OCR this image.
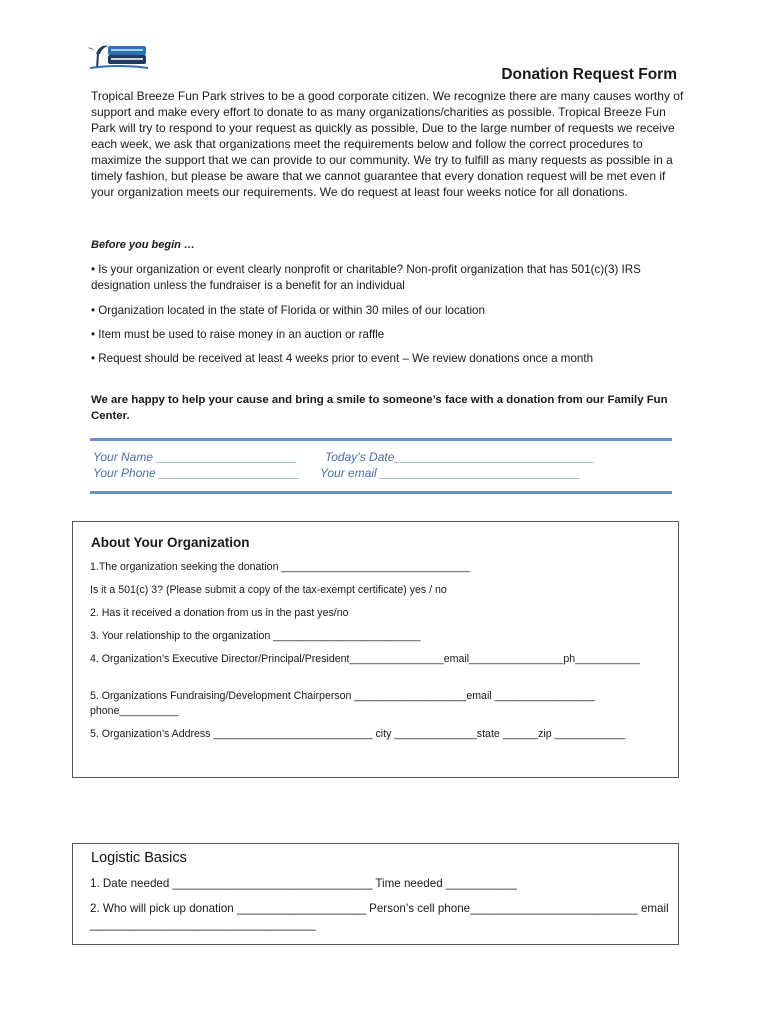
Donation Request Form

Tropical Breeze Fun Park strives to be a good corporate citizen. We recognize there are many causes worthy of support and make every effort to donate to as many organizations/charities as possible. Tropical Breeze Fun Park will try to respond to your request as quickly as possible, Due to the large number of requests we receive each week, we ask that organizations meet the requirements below and follow the correct procedures to maximize the support that we can provide to our community. We try to fulfill as many requests as possible in a timely fashion, but please be aware that we cannot guarantee that every donation request will be met even if your organization meets our requirements. We do request at least four weeks notice for all donations.

Before you begin …
• Is your organization or event clearly nonprofit or charitable? Non-profit organization that has 501(c)(3) IRS designation unless the fundraiser is a benefit for an individual
• Organization located in the state of Florida or within 30 miles of our location
• Item must be used to raise money in an auction or raffle
• Request should be received at least 4 weeks prior to event – We review donations once a month
We are happy to help your cause and bring a smile to someone’s face with a donation from our Family Fun Center.
Your Name _____________________ Today’s Date______________________________
Your Phone _____________________ Your email ______________________________
About Your Organization
1.The organization seeking the donation ________________________________
Is it a 501(c) 3? (Please submit a copy of the tax-exempt certificate) yes / no
2. Has it received a donation from us in the past yes/no
3. Your relationship to the organization _________________________
4. Organization’s Executive Director/Principal/President________________email________________ph___________
5. Organizations Fundraising/Development Chairperson ___________________email _________________ phone__________
5. Organization’s Address ___________________________ city ______________state ______zip ____________
Logistic Basics
1. Date needed _______________________________ Time needed ___________
2. Who will pick up donation ____________________ Person’s cell phone__________________________ email ___________________________________
